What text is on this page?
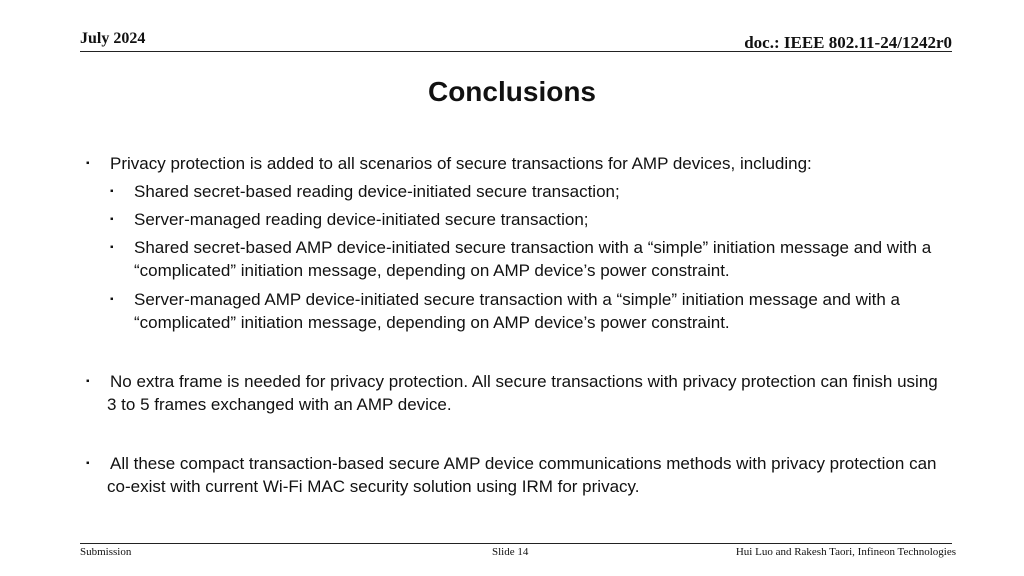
July 2024	doc.: IEEE 802.11-24/1242r0
Conclusions
▪	Privacy protection is added to all scenarios of secure transactions for AMP devices, including:
▪	Shared secret-based reading device-initiated secure transaction;
▪	Server-managed reading device-initiated secure transaction;
▪	Shared secret-based AMP device-initiated secure transaction with a “simple” initiation message and with a “complicated” initiation message, depending on AMP device’s power constraint.
▪	Server-managed AMP device-initiated secure transaction with a “simple” initiation message and with a “complicated” initiation message, depending on AMP device’s power constraint.
▪	No extra frame is needed for privacy protection. All secure transactions with privacy protection can finish using 3 to 5 frames exchanged with an AMP device.
▪	All these compact transaction-based secure AMP device communications methods with privacy protection can co-exist with current Wi-Fi MAC security solution using IRM for privacy.
Submission	Slide 14	Hui Luo and Rakesh Taori, Infineon Technologies
